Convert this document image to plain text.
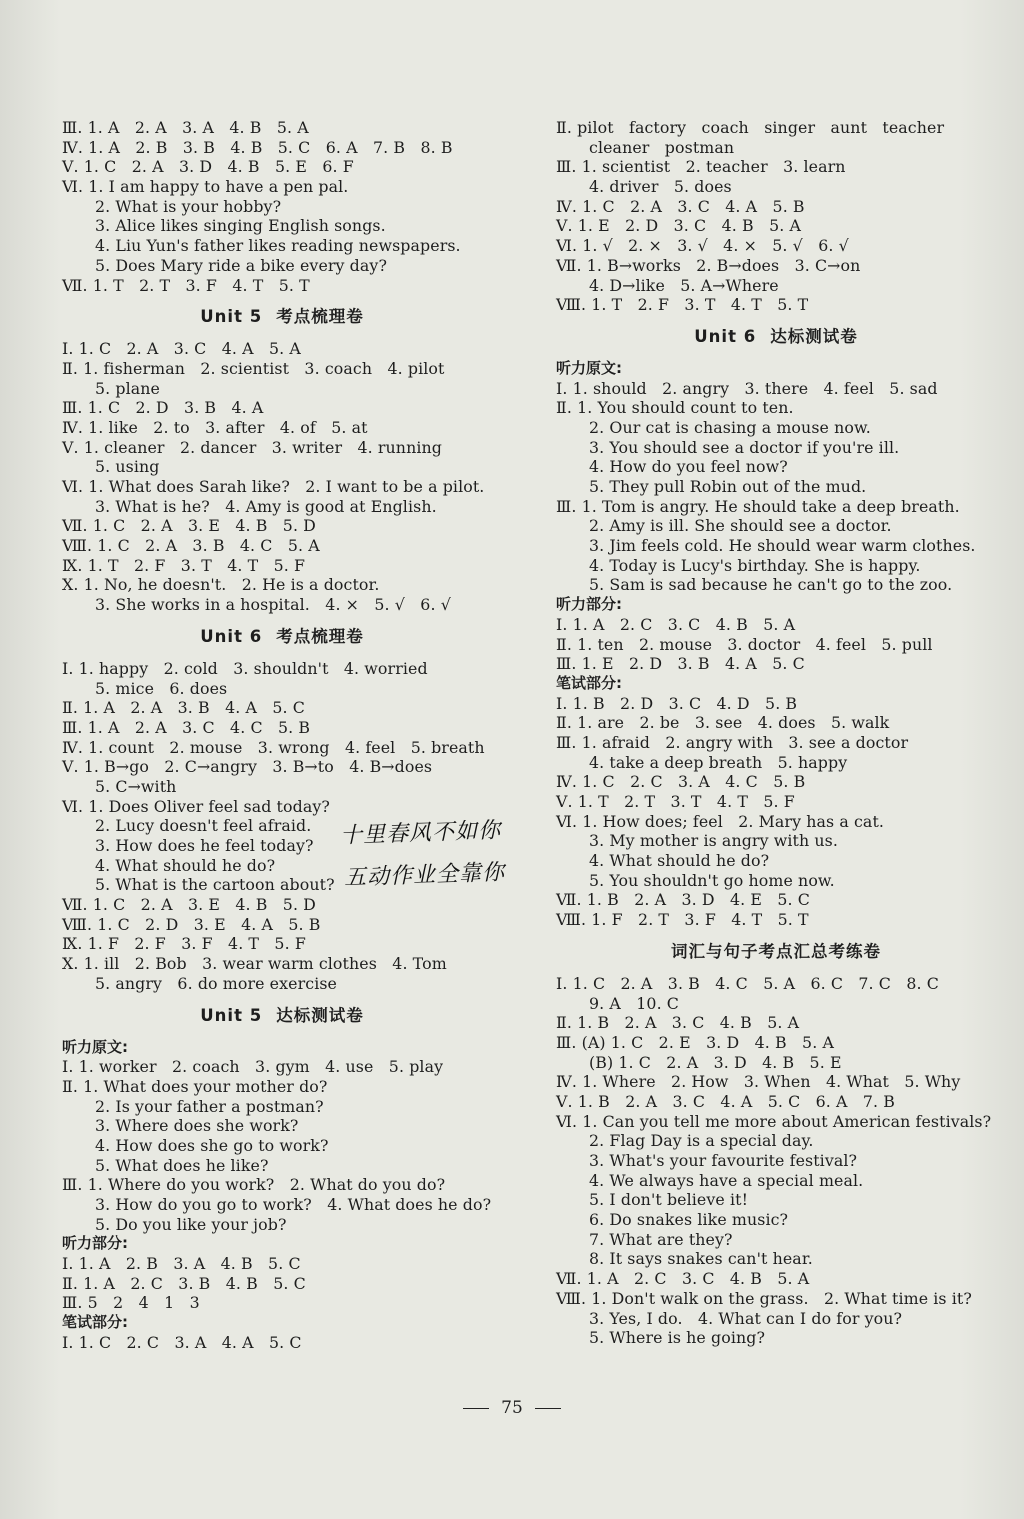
Ⅲ. 1. A   2. A   3. A   4. B   5. A
Ⅳ. 1. A   2. B   3. B   4. B   5. C   6. A   7. B   8. B
Ⅴ. 1. C   2. A   3. D   4. B   5. E   6. F
Ⅵ. 1. I am happy to have a pen pal.
2. What is your hobby?
3. Alice likes singing English songs.
4. Liu Yun's father likes reading newspapers.
5. Does Mary ride a bike every day?
Ⅶ. 1. T   2. T   3. F   4. T   5. T
Unit 5 考点梳理卷
Ⅰ. 1. C   2. A   3. C   4. A   5. A
Ⅱ. 1. fisherman   2. scientist   3. coach   4. pilot
5. plane
Ⅲ. 1. C   2. D   3. B   4. A
Ⅳ. 1. like   2. to   3. after   4. of   5. at
Ⅴ. 1. cleaner   2. dancer   3. writer   4. running
5. using
Ⅵ. 1. What does Sarah like?   2. I want to be a pilot.
3. What is he?   4. Amy is good at English.
Ⅶ. 1. C   2. A   3. E   4. B   5. D
Ⅷ. 1. C   2. A   3. B   4. C   5. A
Ⅸ. 1. T   2. F   3. T   4. T   5. F
Ⅹ. 1. No, he doesn't.   2. He is a doctor.
3. She works in a hospital.   4. ×   5. √   6. √
Unit 6 考点梳理卷
Ⅰ. 1. happy   2. cold   3. shouldn't   4. worried
5. mice   6. does
Ⅱ. 1. A   2. A   3. B   4. A   5. C
Ⅲ. 1. A   2. A   3. C   4. C   5. B
Ⅳ. 1. count   2. mouse   3. wrong   4. feel   5. breath
Ⅴ. 1. B→go   2. C→angry   3. B→to   4. B→does
5. C→with
Ⅵ. 1. Does Oliver feel sad today?
2. Lucy doesn't feel afraid.
3. How does he feel today?
4. What should he do?
5. What is the cartoon about?
Ⅶ. 1. C   2. A   3. E   4. B   5. D
Ⅷ. 1. C   2. D   3. E   4. A   5. B
Ⅸ. 1. F   2. F   3. F   4. T   5. F
Ⅹ. 1. ill   2. Bob   3. wear warm clothes   4. Tom
5. angry   6. do more exercise
Unit 5 达标测试卷
听力原文:
Ⅰ. 1. worker   2. coach   3. gym   4. use   5. play
Ⅱ. 1. What does your mother do?
2. Is your father a postman?
3. Where does she work?
4. How does she go to work?
5. What does he like?
Ⅲ. 1. Where do you work?   2. What do you do?
3. How do you go to work?   4. What does he do?
5. Do you like your job?
听力部分:
Ⅰ. 1. A   2. B   3. A   4. B   5. C
Ⅱ. 1. A   2. C   3. B   4. B   5. C
Ⅲ. 5   2   4   1   3
笔试部分:
Ⅰ. 1. C   2. C   3. A   4. A   5. C
Ⅱ. pilot   factory   coach   singer   aunt   teacher
cleaner   postman
Ⅲ. 1. scientist   2. teacher   3. learn
4. driver   5. does
Ⅳ. 1. C   2. A   3. C   4. A   5. B
Ⅴ. 1. E   2. D   3. C   4. B   5. A
Ⅵ. 1. √   2. ×   3. √   4. ×   5. √   6. √
Ⅶ. 1. B→works   2. B→does   3. C→on
4. D→like   5. A→Where
Ⅷ. 1. T   2. F   3. T   4. T   5. T
Unit 6 达标测试卷
听力原文:
Ⅰ. 1. should   2. angry   3. there   4. feel   5. sad
Ⅱ. 1. You should count to ten.
2. Our cat is chasing a mouse now.
3. You should see a doctor if you're ill.
4. How do you feel now?
5. They pull Robin out of the mud.
Ⅲ. 1. Tom is angry. He should take a deep breath.
2. Amy is ill. She should see a doctor.
3. Jim feels cold. He should wear warm clothes.
4. Today is Lucy's birthday. She is happy.
5. Sam is sad because he can't go to the zoo.
听力部分:
Ⅰ. 1. A   2. C   3. C   4. B   5. A
Ⅱ. 1. ten   2. mouse   3. doctor   4. feel   5. pull
Ⅲ. 1. E   2. D   3. B   4. A   5. C
笔试部分:
Ⅰ. 1. B   2. D   3. C   4. D   5. B
Ⅱ. 1. are   2. be   3. see   4. does   5. walk
Ⅲ. 1. afraid   2. angry with   3. see a doctor
4. take a deep breath   5. happy
Ⅳ. 1. C   2. C   3. A   4. C   5. B
Ⅴ. 1. T   2. T   3. T   4. T   5. F
Ⅵ. 1. How does; feel   2. Mary has a cat.
3. My mother is angry with us.
4. What should he do?
5. You shouldn't go home now.
Ⅶ. 1. B   2. A   3. D   4. E   5. C
Ⅷ. 1. F   2. T   3. F   4. T   5. T
词汇与句子考点汇总考练卷
Ⅰ. 1. C   2. A   3. B   4. C   5. A   6. C   7. C   8. C
9. A   10. C
Ⅱ. 1. B   2. A   3. C   4. B   5. A
Ⅲ. (A) 1. C   2. E   3. D   4. B   5. A
(B) 1. C   2. A   3. D   4. B   5. E
Ⅳ. 1. Where   2. How   3. When   4. What   5. Why
Ⅴ. 1. B   2. A   3. C   4. A   5. C   6. A   7. B
Ⅵ. 1. Can you tell me more about American festivals?
2. Flag Day is a special day.
3. What's your favourite festival?
4. We always have a special meal.
5. I don't believe it!
6. Do snakes like music?
7. What are they?
8. It says snakes can't hear.
Ⅶ. 1. A   2. C   3. C   4. B   5. A
Ⅷ. 1. Don't walk on the grass.   2. What time is it?
3. Yes, I do.   4. What can I do for you?
5. Where is he going?
十里春风不如你
五动作业全靠你
75
